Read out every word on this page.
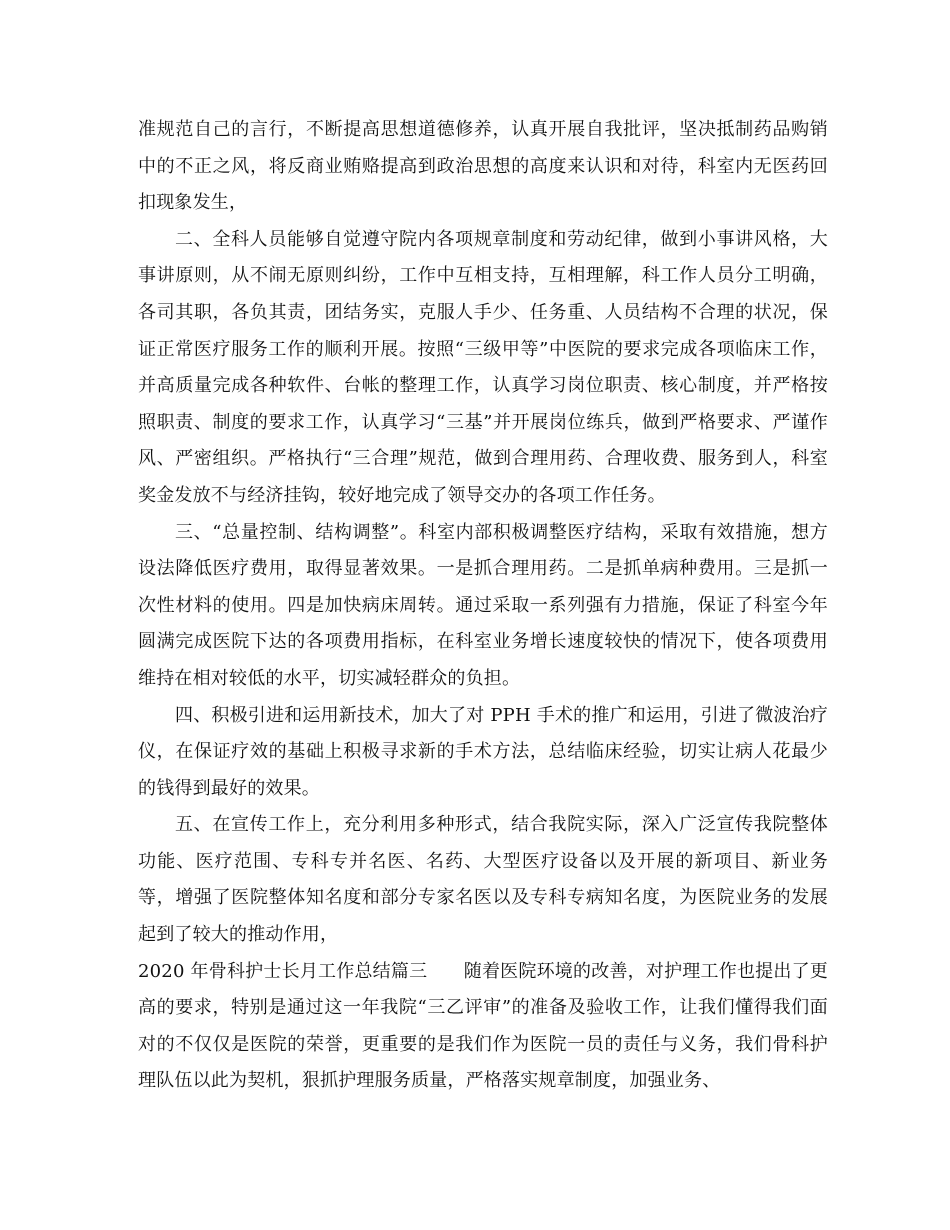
准规范自己的言行，不断提高思想道德修养，认真开展自我批评，坚决抵制药品购销中的不正之风，将反商业贿赂提高到政治思想的高度来认识和对待，科室内无医药回扣现象发生，

二、全科人员能够自觉遵守院内各项规章制度和劳动纪律，做到小事讲风格，大事讲原则，从不闹无原则纠纷，工作中互相支持，互相理解，科工作人员分工明确，各司其职，各负其责，团结务实，克服人手少、任务重、人员结构不合理的状况，保证正常医疗服务工作的顺利开展。按照“三级甲等”中医院的要求完成各项临床工作，并高质量完成各种软件、台帐的整理工作，认真学习岗位职责、核心制度，并严格按照职责、制度的要求工作，认真学习“三基”并开展岗位练兵，做到严格要求、严谨作风、严密组织。严格执行“三合理”规范，做到合理用药、合理收费、服务到人，科室奖金发放不与经济挂钩，较好地完成了领导交办的各项工作任务。

三、“总量控制、结构调整”。科室内部积极调整医疗结构，采取有效措施，想方设法降低医疗费用，取得显著效果。一是抓合理用药。二是抓单病种费用。三是抓一次性材料的使用。四是加快病床周转。通过采取一系列强有力措施，保证了科室今年圆满完成医院下达的各项费用指标，在科室业务增长速度较快的情况下，使各项费用维持在相对较低的水平，切实减轻群众的负担。

四、积极引进和运用新技术，加大了对 PPH 手术的推广和运用，引进了微波治疗仪，在保证疗效的基础上积极寻求新的手术方法，总结临床经验，切实让病人花最少的钱得到最好的效果。

五、在宣传工作上，充分利用多种形式，结合我院实际，深入广泛宣传我院整体功能、医疗范围、专科专并名医、名药、大型医疗设备以及开展的新项目、新业务等，增强了医院整体知名度和部分专家名医以及专科专病知名度，为医院业务的发展起到了较大的推动作用，

2020 年骨科护士长月工作总结篇三　　随着医院环境的改善，对护理工作也提出了更高的要求，特别是通过这一年我院“三乙评审”的准备及验收工作，让我们懂得我们面对的不仅仅是医院的荣誉，更重要的是我们作为医院一员的责任与义务，我们骨科护理队伍以此为契机，狠抓护理服务质量，严格落实规章制度，加强业务、
